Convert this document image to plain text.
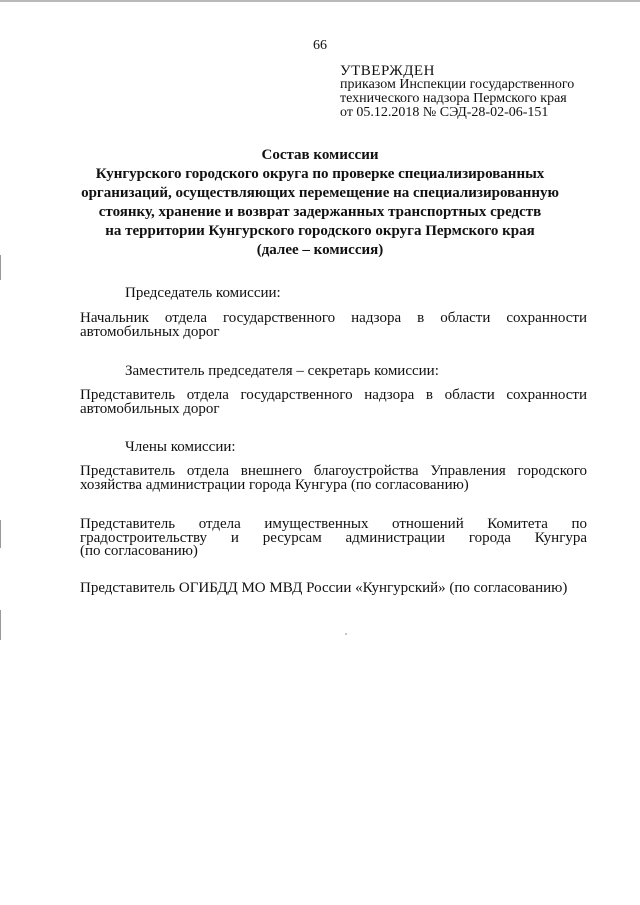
66
УТВЕРЖДЕН
приказом Инспекции государственного
технического надзора Пермского края
от 05.12.2018 № СЭД-28-02-06-151
Состав комиссии
Кунгурского городского округа по проверке специализированных
организаций, осуществляющих перемещение на специализированную
стоянку, хранение и возврат задержанных транспортных средств
на территории Кунгурского городского округа Пермского края
(далее – комиссия)
Председатель комиссии:
Начальник отдела государственного надзора в области сохранности
автомобильных дорог
Заместитель председателя – секретарь комиссии:
Представитель отдела государственного надзора в области сохранности
автомобильных дорог
Члены комиссии:
Представитель отдела внешнего благоустройства Управления городского
хозяйства администрации города Кунгура (по согласованию)
Представитель отдела имущественных отношений Комитета по
градостроительству и ресурсам администрации города Кунгура
(по согласованию)
Представитель ОГИБДД МО МВД России «Кунгурский» (по согласованию)
